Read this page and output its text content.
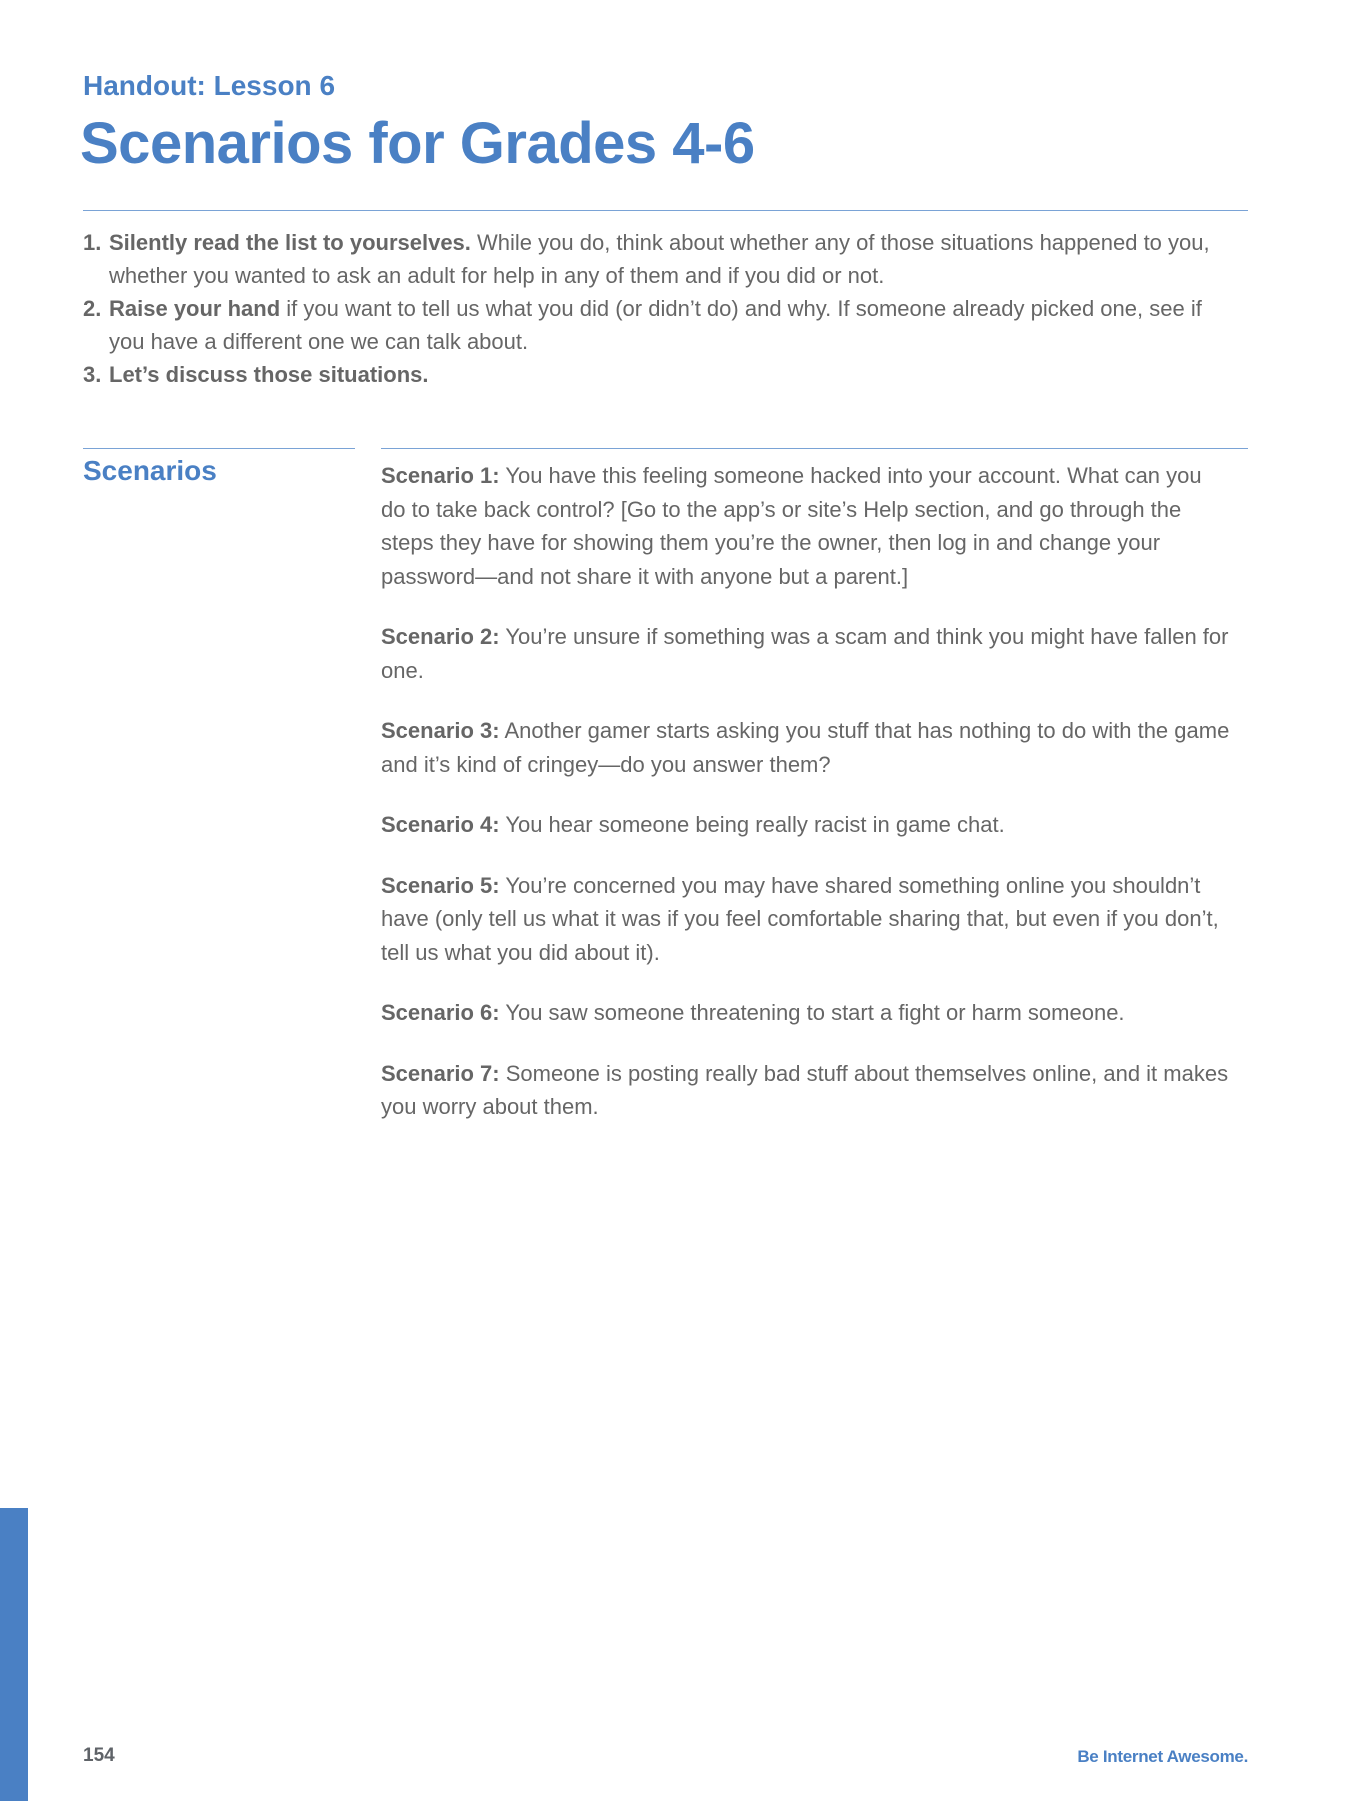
Handout: Lesson 6
Scenarios for Grades 4-6
1. Silently read the list to yourselves. While you do, think about whether any of those situations happened to you, whether you wanted to ask an adult for help in any of them and if you did or not.
2. Raise your hand if you want to tell us what you did (or didn’t do) and why. If someone already picked one, see if you have a different one we can talk about.
3. Let’s discuss those situations.
Scenarios	Scenario 1: You have this feeling someone hacked into your account. What can you do to take back control? [Go to the app’s or site’s Help section, and go through the steps they have for showing them you’re the owner, then log in and change your password—and not share it with anyone but a parent.]

Scenario 2: You’re unsure if something was a scam and think you might have fallen for one.

Scenario 3: Another gamer starts asking you stuff that has nothing to do with the game and it’s kind of cringey—do you answer them?

Scenario 4: You hear someone being really racist in game chat.

Scenario 5: You’re concerned you may have shared something online you shouldn’t have (only tell us what it was if you feel comfortable sharing that, but even if you don’t, tell us what you did about it).

Scenario 6: You saw someone threatening to start a fight or harm someone.

Scenario 7: Someone is posting really bad stuff about themselves online, and it makes you worry about them.

154	Be Internet Awesome.
